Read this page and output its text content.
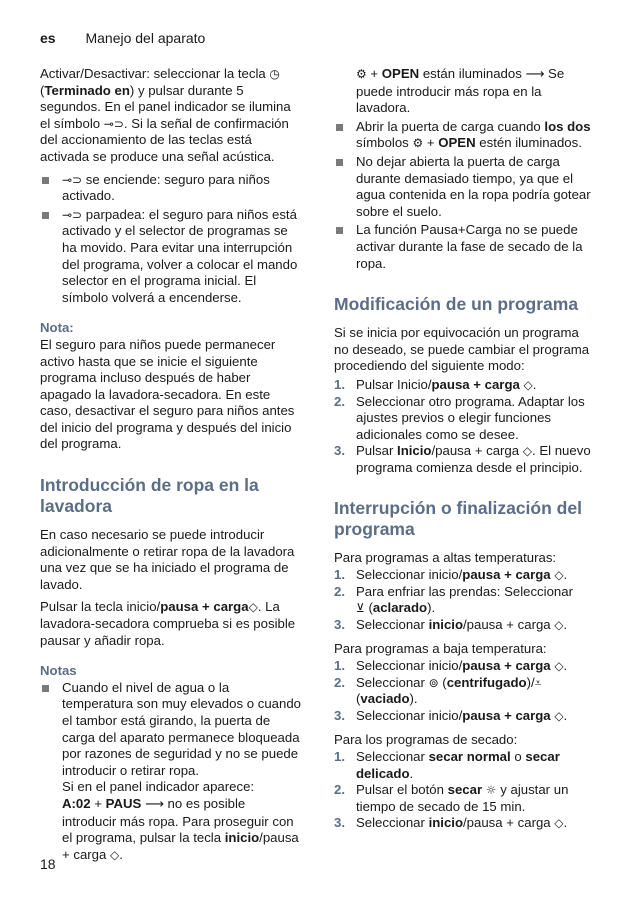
es Manejo del aparato

Activar/Desactivar: seleccionar la tecla ◷ (Terminado en) y pulsar durante 5 segundos. En el panel indicador se ilumina el símbolo ⊸⊃. Si la señal de confirmación del accionamiento de las teclas está activada se produce una señal acústica.

⊸⊃ se enciende: seguro para niños activado.
⊸⊃ parpadea: el seguro para niños está activado y el selector de programas se ha movido. Para evitar una interrupción del programa, volver a colocar el mando selector en el programa inicial. El símbolo volverá a encenderse.
Nota:

El seguro para niños puede permanecer activo hasta que se inicie el siguiente programa incluso después de haber apagado la lavadora-secadora. En este caso, desactivar el seguro para niños antes del inicio del programa y después del inicio del programa.

Introducción de ropa en la lavadora

En caso necesario se puede introducir adicionalmente o retirar ropa de la lavadora una vez que se ha iniciado el programa de lavado.

Pulsar la tecla inicio/pausa + carga◇. La lavadora-secadora comprueba si es posible pausar y añadir ropa.

Notas
Cuando el nivel de agua o la temperatura son muy elevados o cuando el tambor está girando, la puerta de carga del aparato permanece bloqueada por razones de seguridad y no se puede introducir o retirar ropa.
Si en el panel indicador aparece:
A:02 + PAUS ⟶ no es posible introducir más ropa. Para proseguir con el programa, pulsar la tecla inicio/pausa + carga ◇.
⚙ + OPEN están iluminados ⟶ Se puede introducir más ropa en la lavadora.
Abrir la puerta de carga cuando los dos símbolos ⚙ + OPEN estén iluminados.
No dejar abierta la puerta de carga durante demasiado tiempo, ya que el agua contenida en la ropa podría gotear sobre el suelo.
La función Pausa+Carga no se puede activar durante la fase de secado de la ropa.
Modificación de un programa

Si se inicia por equivocación un programa no deseado, se puede cambiar el programa procediendo del siguiente modo:

1. Pulsar Inicio/pausa + carga ◇.
2. Seleccionar otro programa. Adaptar los ajustes previos o elegir funciones adicionales como se desee.
3. Pulsar Inicio/pausa + carga ◇. El nuevo programa comienza desde el principio.
Interrupción o finalización del programa

Para programas a altas temperaturas:

1. Seleccionar inicio/pausa + carga ◇.
2. Para enfriar las prendas: Seleccionar
⊻ (aclarado).
3. Seleccionar inicio/pausa + carga ◇.

Para programas a baja temperatura:

1. Seleccionar inicio/pausa + carga ◇.
2. Seleccionar ⊚ (centrifugado)/⩡
(vaciado).
3. Seleccionar inicio/pausa + carga ◇.

Para los programas de secado:

1. Seleccionar secar normal o secar delicado.
2. Pulsar el botón secar ☼ y ajustar un tiempo de secado de 15 min.
3. Seleccionar inicio/pausa + carga ◇.
18
